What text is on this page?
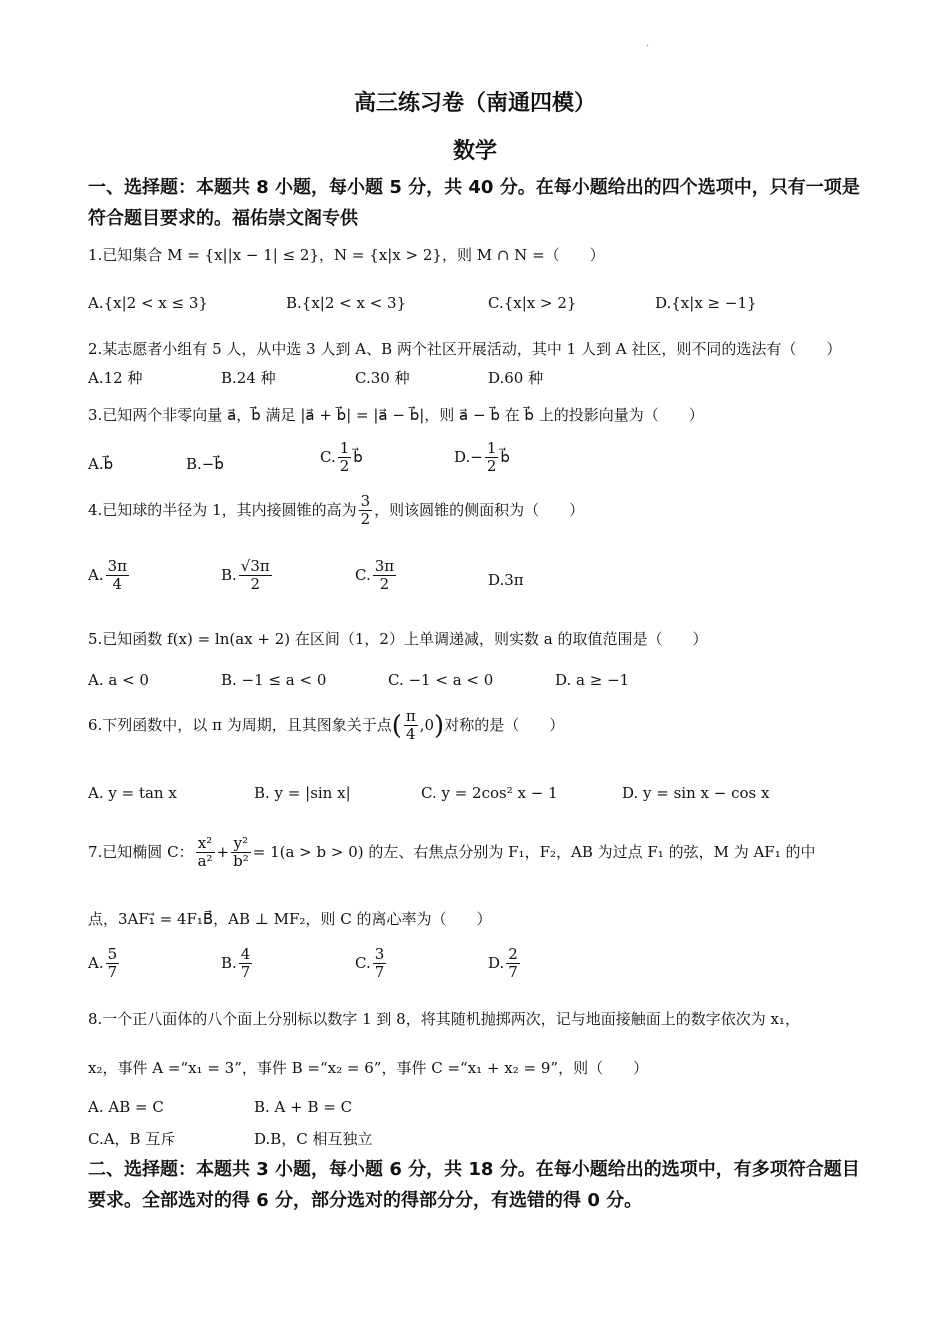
.
高三练习卷（南通四模）
数学
一、选择题：本题共 8 小题，每小题 5 分，共 40 分。在每小题给出的四个选项中，只有一项是符合题目要求的。福佑崇文阁专供
1.已知集合 M = {x||x − 1| ≤ 2}，N = {x|x > 2}，则 M ∩ N =（　　）
A.{x|2 < x ≤ 3}	B.{x|2 < x < 3}	C.{x|x > 2}	D.{x|x ≥ −1}
2.某志愿者小组有 5 人，从中选 3 人到 A、B 两个社区开展活动，其中 1 人到 A 社区，则不同的选法有（　　）
A.12 种	B.24 种	C.30 种	D.60 种
3.已知两个非零向量 a⃗，b⃗ 满足 |a⃗ + b⃗| = |a⃗ − b⃗|，则 a⃗ − b⃗ 在 b⃗ 上的投影向量为（　　）
A.b⃗	B.−b⃗	C. $\frac{1}{2}$ b⃗	$D.- \frac{1}{2}$ b⃗
4.已知球的半径为 1，其内接圆锥的高为 $\frac{3}{2}$ ，则该圆锥的侧面积为（　　）
A. $\frac{3\pi}{4}$	B. $\frac{√3\pi}{2}$	C. $\frac{3\pi}{2}$	D.3π
5.已知函数 f(x) = ln(ax + 2) 在区间（1，2）上单调递减，则实数 a 的取值范围是（　　）
A. a < 0	B. −1 ≤ a < 0	C. −1 < a < 0	D. a ≥ −1
6.下列函数中，以 π 为周期，且其图象关于点( $\frac{\pi}{4} ,0$)对称的是（　　）
A. y = tan x	B. y = |sin x|	C. y = 2cos² x − 1	D. y = sin x − cos x
7.已知椭圆 C： $\frac{\text{x²}}{\text{a²}} + \frac{\text{y²}}{\text{b²}} = 1(a > b > 0)$ 的左、右焦点分别为 F₁，F₂，AB 为过点 F₁ 的弦，M 为 AF₁ 的中
点，3AF₁⃗ = 4F₁B⃗，AB ⊥ MF₂，则 C 的离心率为（　　）
A. $\frac{5}{7}$	B. $\frac{4}{7}$	C. $\frac{3}{7}$	D. $\frac{2}{7}$
8.一个正八面体的八个面上分别标以数字 1 到 8，将其随机抛掷两次，记与地面接触面上的数字依次为 x₁，
x₂，事件 A =“x₁ = 3”，事件 B =“x₂ = 6”，事件 C =“x₁ + x₂ = 9”，则（　　）
A. AB = C	B. A + B = C
C.A，B 互斥	D.B，C 相互独立
二、选择题：本题共 3 小题，每小题 6 分，共 18 分。在每小题给出的选项中，有多项符合题目要求。全部选对的得 6 分，部分选对的得部分分，有选错的得 0 分。
